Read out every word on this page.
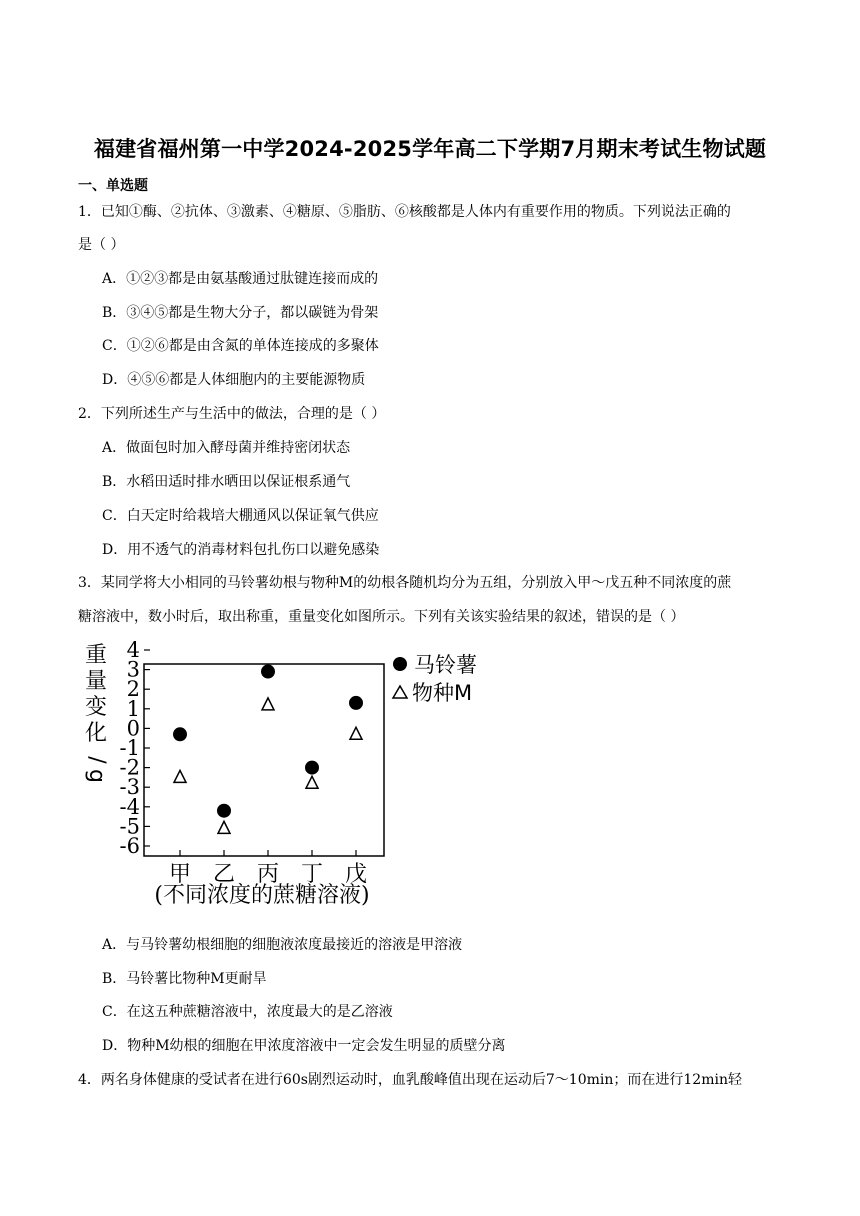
福建省福州第一中学2024-2025学年高二下学期7月期末考试生物试题
一、单选题
1．已知①酶、②抗体、③激素、④糖原、⑤脂肪、⑥核酸都是人体内有重要作用的物质。下列说法正确的
是（ ）
A．①②③都是由氨基酸通过肽键连接而成的
B．③④⑤都是生物大分子，都以碳链为骨架
C．①②⑥都是由含氮的单体连接成的多聚体
D．④⑤⑥都是人体细胞内的主要能源物质
2．下列所述生产与生活中的做法，合理的是（ ）
A．做面包时加入酵母菌并维持密闭状态
B．水稻田适时排水晒田以保证根系通气
C．白天定时给栽培大棚通风以保证氧气供应
D．用不透气的消毒材料包扎伤口以避免感染
3．某同学将大小相同的马铃薯幼根与物种M的幼根各随机均分为五组，分别放入甲～戊五种不同浓度的蔗
糖溶液中，数小时后，取出称重，重量变化如图所示。下列有关该实验结果的叙述，错误的是（ ）
重
量
变
化
/
g
4
3
2
1
0
-1
-2
-3
-4
-5
-6
甲 乙 丙 丁 戊
(不同浓度的蔗糖溶液)
马铃薯
物种M
A．与马铃薯幼根细胞的细胞液浓度最接近的溶液是甲溶液
B．马铃薯比物种M更耐旱
C．在这五种蔗糖溶液中，浓度最大的是乙溶液
D．物种M幼根的细胞在甲浓度溶液中一定会发生明显的质壁分离
4．两名身体健康的受试者在进行60s剧烈运动时，血乳酸峰值出现在运动后7～10min；而在进行12min轻
